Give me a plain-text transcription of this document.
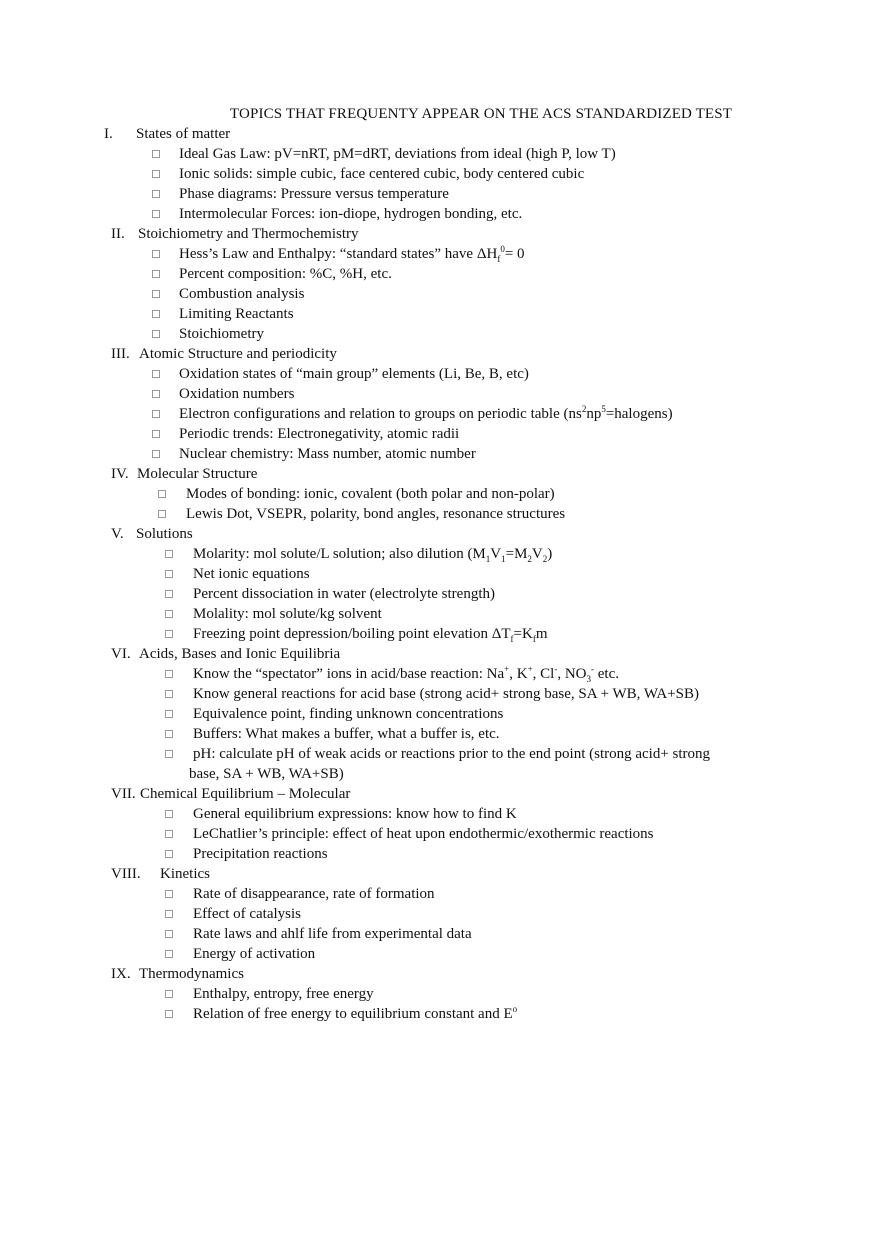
TOPICS THAT FREQUENTY APPEAR ON THE ACS STANDARDIZED TEST
I. States of matter
Ideal Gas Law: pV=nRT, pM=dRT, deviations from ideal (high P, low T)
Ionic solids: simple cubic, face centered cubic, body centered cubic
Phase diagrams: Pressure versus temperature
Intermolecular Forces: ion-diope, hydrogen bonding, etc.
II. Stoichiometry and Thermochemistry
Hess’s Law and Enthalpy: “standard states” have $\Delta H_f^0= 0$
Percent composition: %C, %H, etc.
Combustion analysis
Limiting Reactants
Stoichiometry
III. Atomic Structure and periodicity
Oxidation states of “main group” elements (Li, Be, B, etc)
Oxidation numbers
Electron configurations and relation to groups on periodic table $(ns^2np^5=halogens)$
Periodic trends: Electronegativity, atomic radii
Nuclear chemistry: Mass number, atomic number
IV. Molecular Structure
Modes of bonding: ionic, covalent (both polar and non-polar)
Lewis Dot, VSEPR, polarity, bond angles, resonance structures
V. Solutions
Molarity: mol solute/L solution; also dilution $(M_1V_1=M_2V_2)$
Net ionic equations
Percent dissociation in water (electrolyte strength)
Molality: mol solute/kg solvent
Freezing point depression/boiling point elevation $\Delta T_f=K_fm$
VI. Acids, Bases and Ionic Equilibria
Know the “spectator” ions in acid/base reaction: Na+, K+, Cl-, $NO_3^-$ etc.
Know general reactions for acid base (strong acid+ strong base, SA + WB, WA+SB)
Equivalence point, finding unknown concentrations
Buffers: What makes a buffer, what a buffer is, etc.
pH: calculate pH of weak acids or reactions prior to the end point (strong acid+ strong
base, SA + WB, WA+SB)
VII. Chemical Equilibrium – Molecular
General equilibrium expressions: know how to find K
LeChatlier’s principle: effect of heat upon endothermic/exothermic reactions
Precipitation reactions
VIII. Kinetics
Rate of disappearance, rate of formation
Effect of catalysis
Rate laws and ahlf life from experimental data
Energy of activation
IX. Thermodynamics
Enthalpy, entropy, free energy
Relation of free energy to equilibrium constant and $E^o$
